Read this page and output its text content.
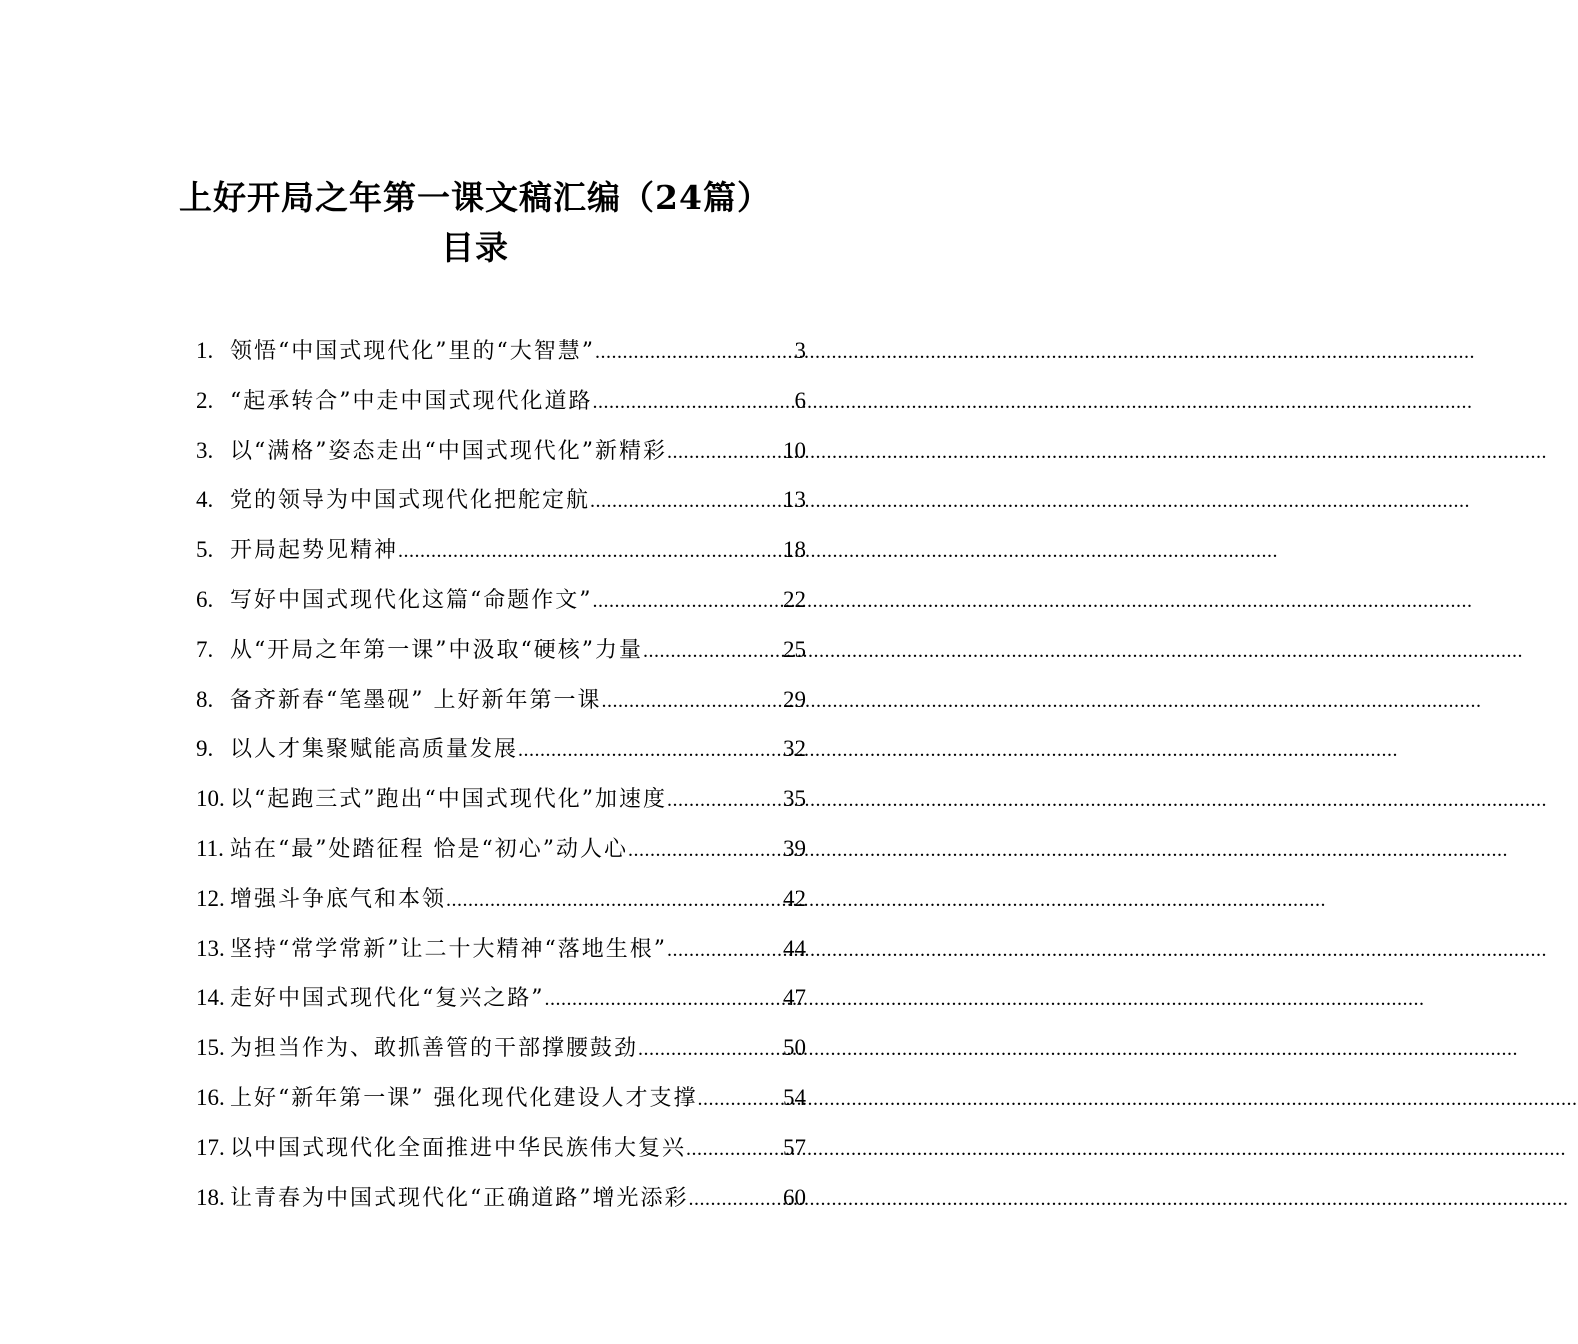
上好开局之年第一课文稿汇编（24篇）
目录
1. 领悟“中国式现代化”里的“大智慧” .....	3
2. “起承转合”中走中国式现代化道路 .....	6
3. 以“满格”姿态走出“中国式现代化”新精彩 .....	10
4. 党的领导为中国式现代化把舵定航 .....	13
5. 开局起势见精神 .....	18
6. 写好中国式现代化这篇“命题作文” .....	22
7. 从“开局之年第一课”中汲取“硬核”力量 .....	25
8. 备齐新春“笔墨砚” 上好新年第一课 .....	29
9. 以人才集聚赋能高质量发展 .....	32
10. 以“起跑三式”跑出“中国式现代化”加速度 .....	35
11. 站在“最”处踏征程 恰是“初心”动人心 .....	39
12. 增强斗争底气和本领 .....	42
13. 坚持“常学常新”让二十大精神“落地生根” .....	44
14. 走好中国式现代化“复兴之路” .....	47
15. 为担当作为、敢抓善管的干部撑腰鼓劲 .....	50
16. 上好“新年第一课” 强化现代化建设人才支撑 .....	54
17. 以中国式现代化全面推进中华民族伟大复兴 .....	57
18. 让青春为中国式现代化“正确道路”增光添彩 .....	60
